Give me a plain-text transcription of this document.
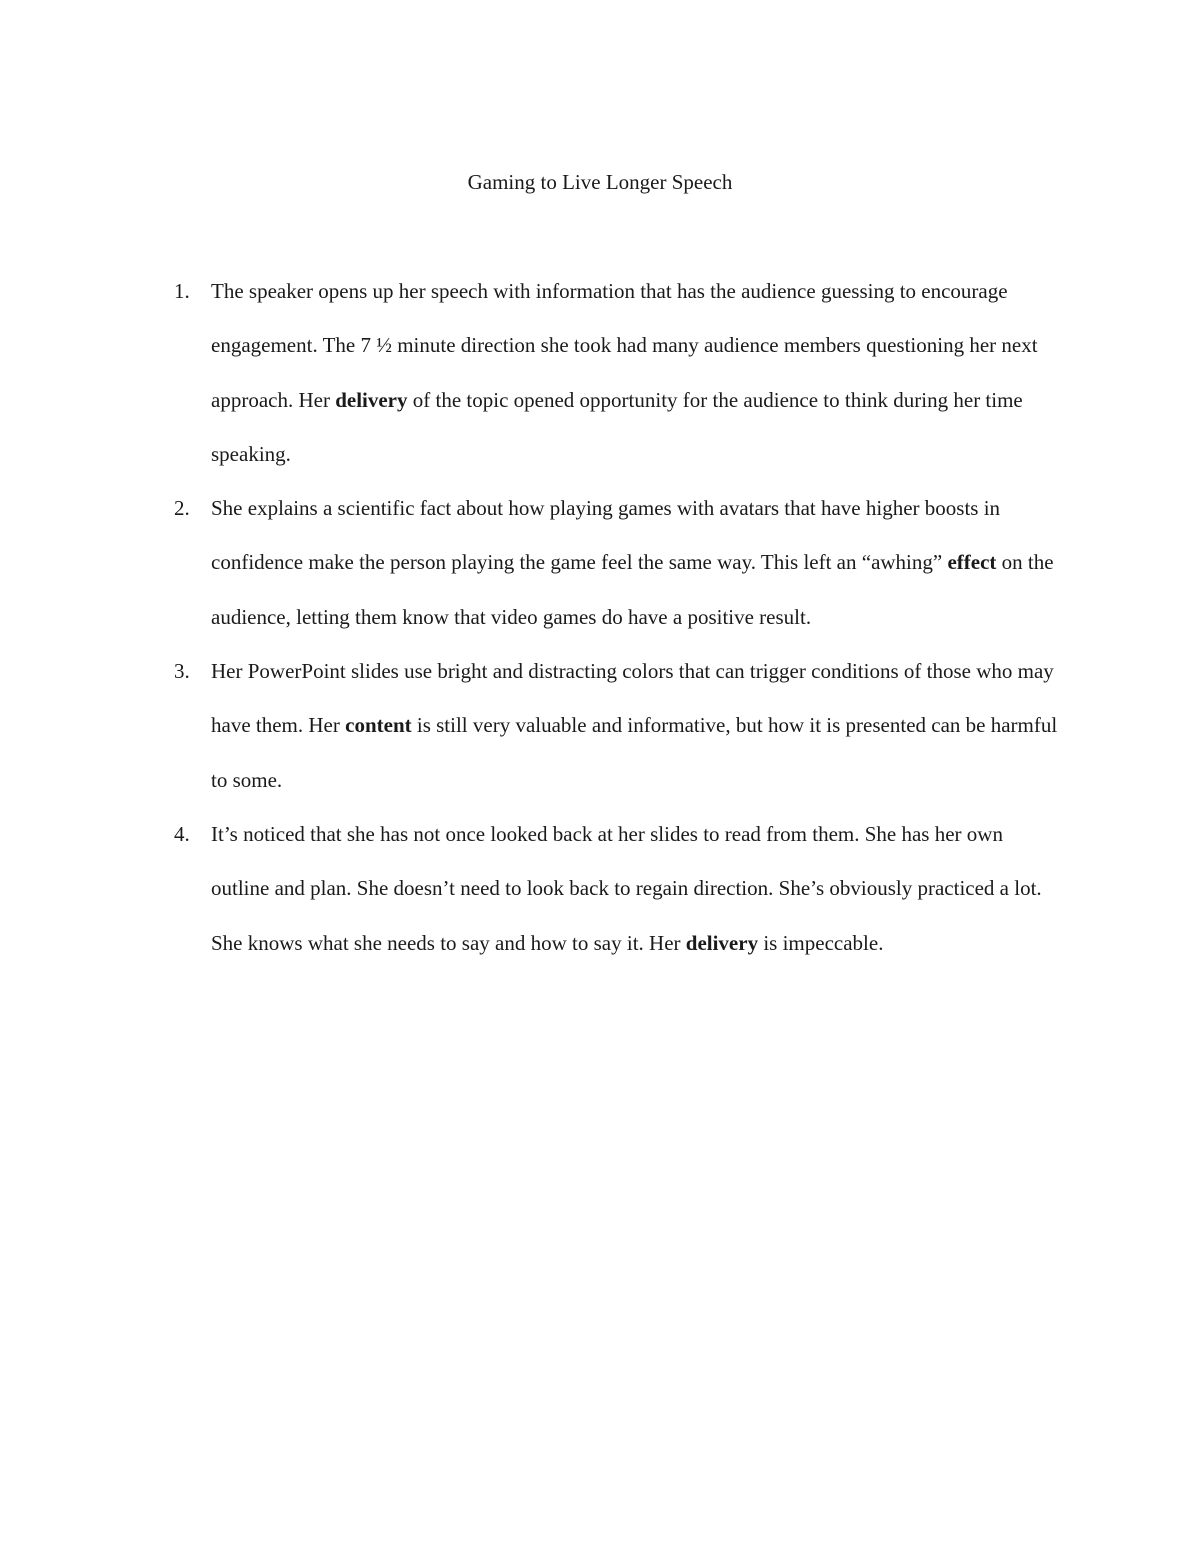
Gaming to Live Longer Speech
1. The speaker opens up her speech with information that has the audience guessing to encourage engagement. The 7 ½ minute direction she took had many audience members questioning her next approach. Her delivery of the topic opened opportunity for the audience to think during her time speaking.
2. She explains a scientific fact about how playing games with avatars that have higher boosts in confidence make the person playing the game feel the same way. This left an “awhing” effect on the audience, letting them know that video games do have a positive result.
3. Her PowerPoint slides use bright and distracting colors that can trigger conditions of those who may have them. Her content is still very valuable and informative, but how it is presented can be harmful to some.
4. It’s noticed that she has not once looked back at her slides to read from them. She has her own outline and plan. She doesn’t need to look back to regain direction. She’s obviously practiced a lot. She knows what she needs to say and how to say it. Her delivery is impeccable.
